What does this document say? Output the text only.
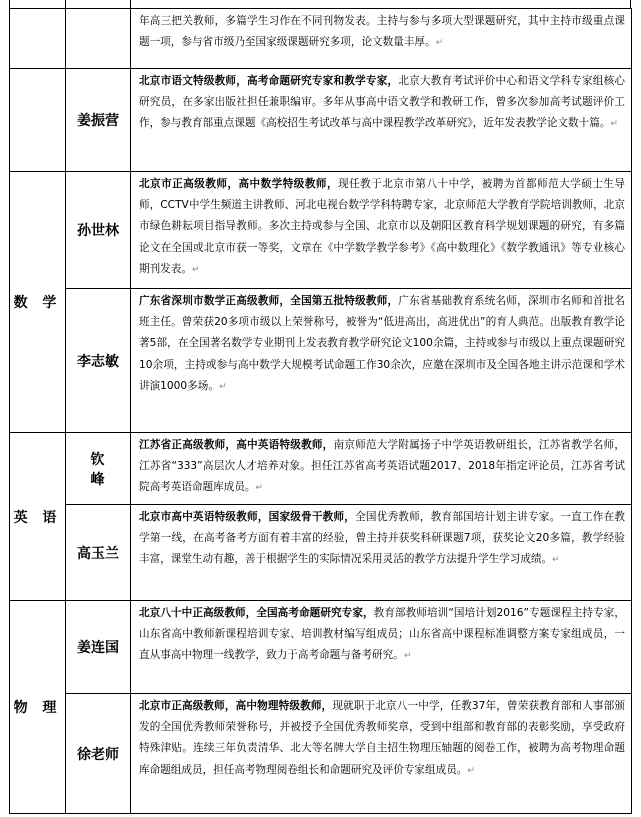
		年高三把关教师，多篇学生习作在不同刊物发表。主持与参与多项大型课题研究，其中主持市级重点课题一项，参与省市级乃至国家级课题研究多项，论文数量丰厚。↵

	姜振营	北京市语文特级教师，高考命题研究专家和教学专家，北京大教育考试评价中心和语文学科专家组核心研究员，在多家出版社担任兼职编审。多年从事高中语文教学和教研工作，曾多次参加高考试题评价工作，参与教育部重点课题《高校招生考试改革与高中课程教学改革研究》，近年发表教学论文数十篇。↵

数 学	孙世林	北京市正高级教师，高中数学特级教师，现任教于北京市第八十中学，被聘为首都师范大学硕士生导师，CCTV中学生频道主讲教师、河北电视台数学学科特聘专家，北京师范大学教育学院培训教师，北京市绿色耕耘项目指导教师。多次主持或参与全国、北京市以及朝阳区教育科学规划课题的研究，有多篇论文在全国或北京市获一等奖，文章在《中学数学教学参考》《高中数理化》《数学教通讯》等专业核心期刊发表。↵

	李志敏	广东省深圳市数学正高级教师，全国第五批特级教师，广东省基础教育系统名师，深圳市名师和首批名班主任。曾荣获20多项市级以上荣誉称号，被誉为“低进高出，高进优出”的育人典范。出版教育教学论著5部，在全国著名数学专业期刊上发表教育教学研究论文100余篇，主持或参与市级以上重点课题研究10余项，主持或参与高中数学大规模考试命题工作30余次，应邀在深圳市及全国各地主讲示范课和学术讲演1000多场。↵

英 语	钦 峰	江苏省正高级教师，高中英语特级教师，南京师范大学附属扬子中学英语教研组长，江苏省教学名师，江苏省“333”高层次人才培养对象。担任江苏省高考英语试题2017、2018年指定评论员，江苏省考试院高考英语命题库成员。↵

	高玉兰	北京市高中英语特级教师，国家级骨干教师，全国优秀教师，教育部国培计划主讲专家。一直工作在教学第一线，在高考备考方面有着丰富的经验，曾主持并获奖科研课题7项，获奖论文20多篇，教学经验丰富，课堂生动有趣，善于根据学生的实际情况采用灵活的教学方法提升学生学习成绩。↵

物 理	姜连国	北京八十中正高级教师，全国高考命题研究专家，教育部教师培训“国培计划2016”专题课程主持专家，山东省高中教师新课程培训专家、培训教材编写组成员；山东省高中课程标准调整方案专家组成员，一直从事高中物理一线教学，致力于高考命题与备考研究。↵

	徐老师	北京市正高级教师，高中物理特级教师，现就职于北京八一中学，任教37年，曾荣获教育部和人事部颁发的全国优秀教师荣誉称号，并被授予全国优秀教师奖章，受到中组部和教育部的表彰奖励，享受政府特殊津贴。连续三年负责清华、北大等名牌大学自主招生物理压轴题的阅卷工作，被聘为高考物理命题库命题组成员，担任高考物理阅卷组长和命题研究及评价专家组成员。↵
